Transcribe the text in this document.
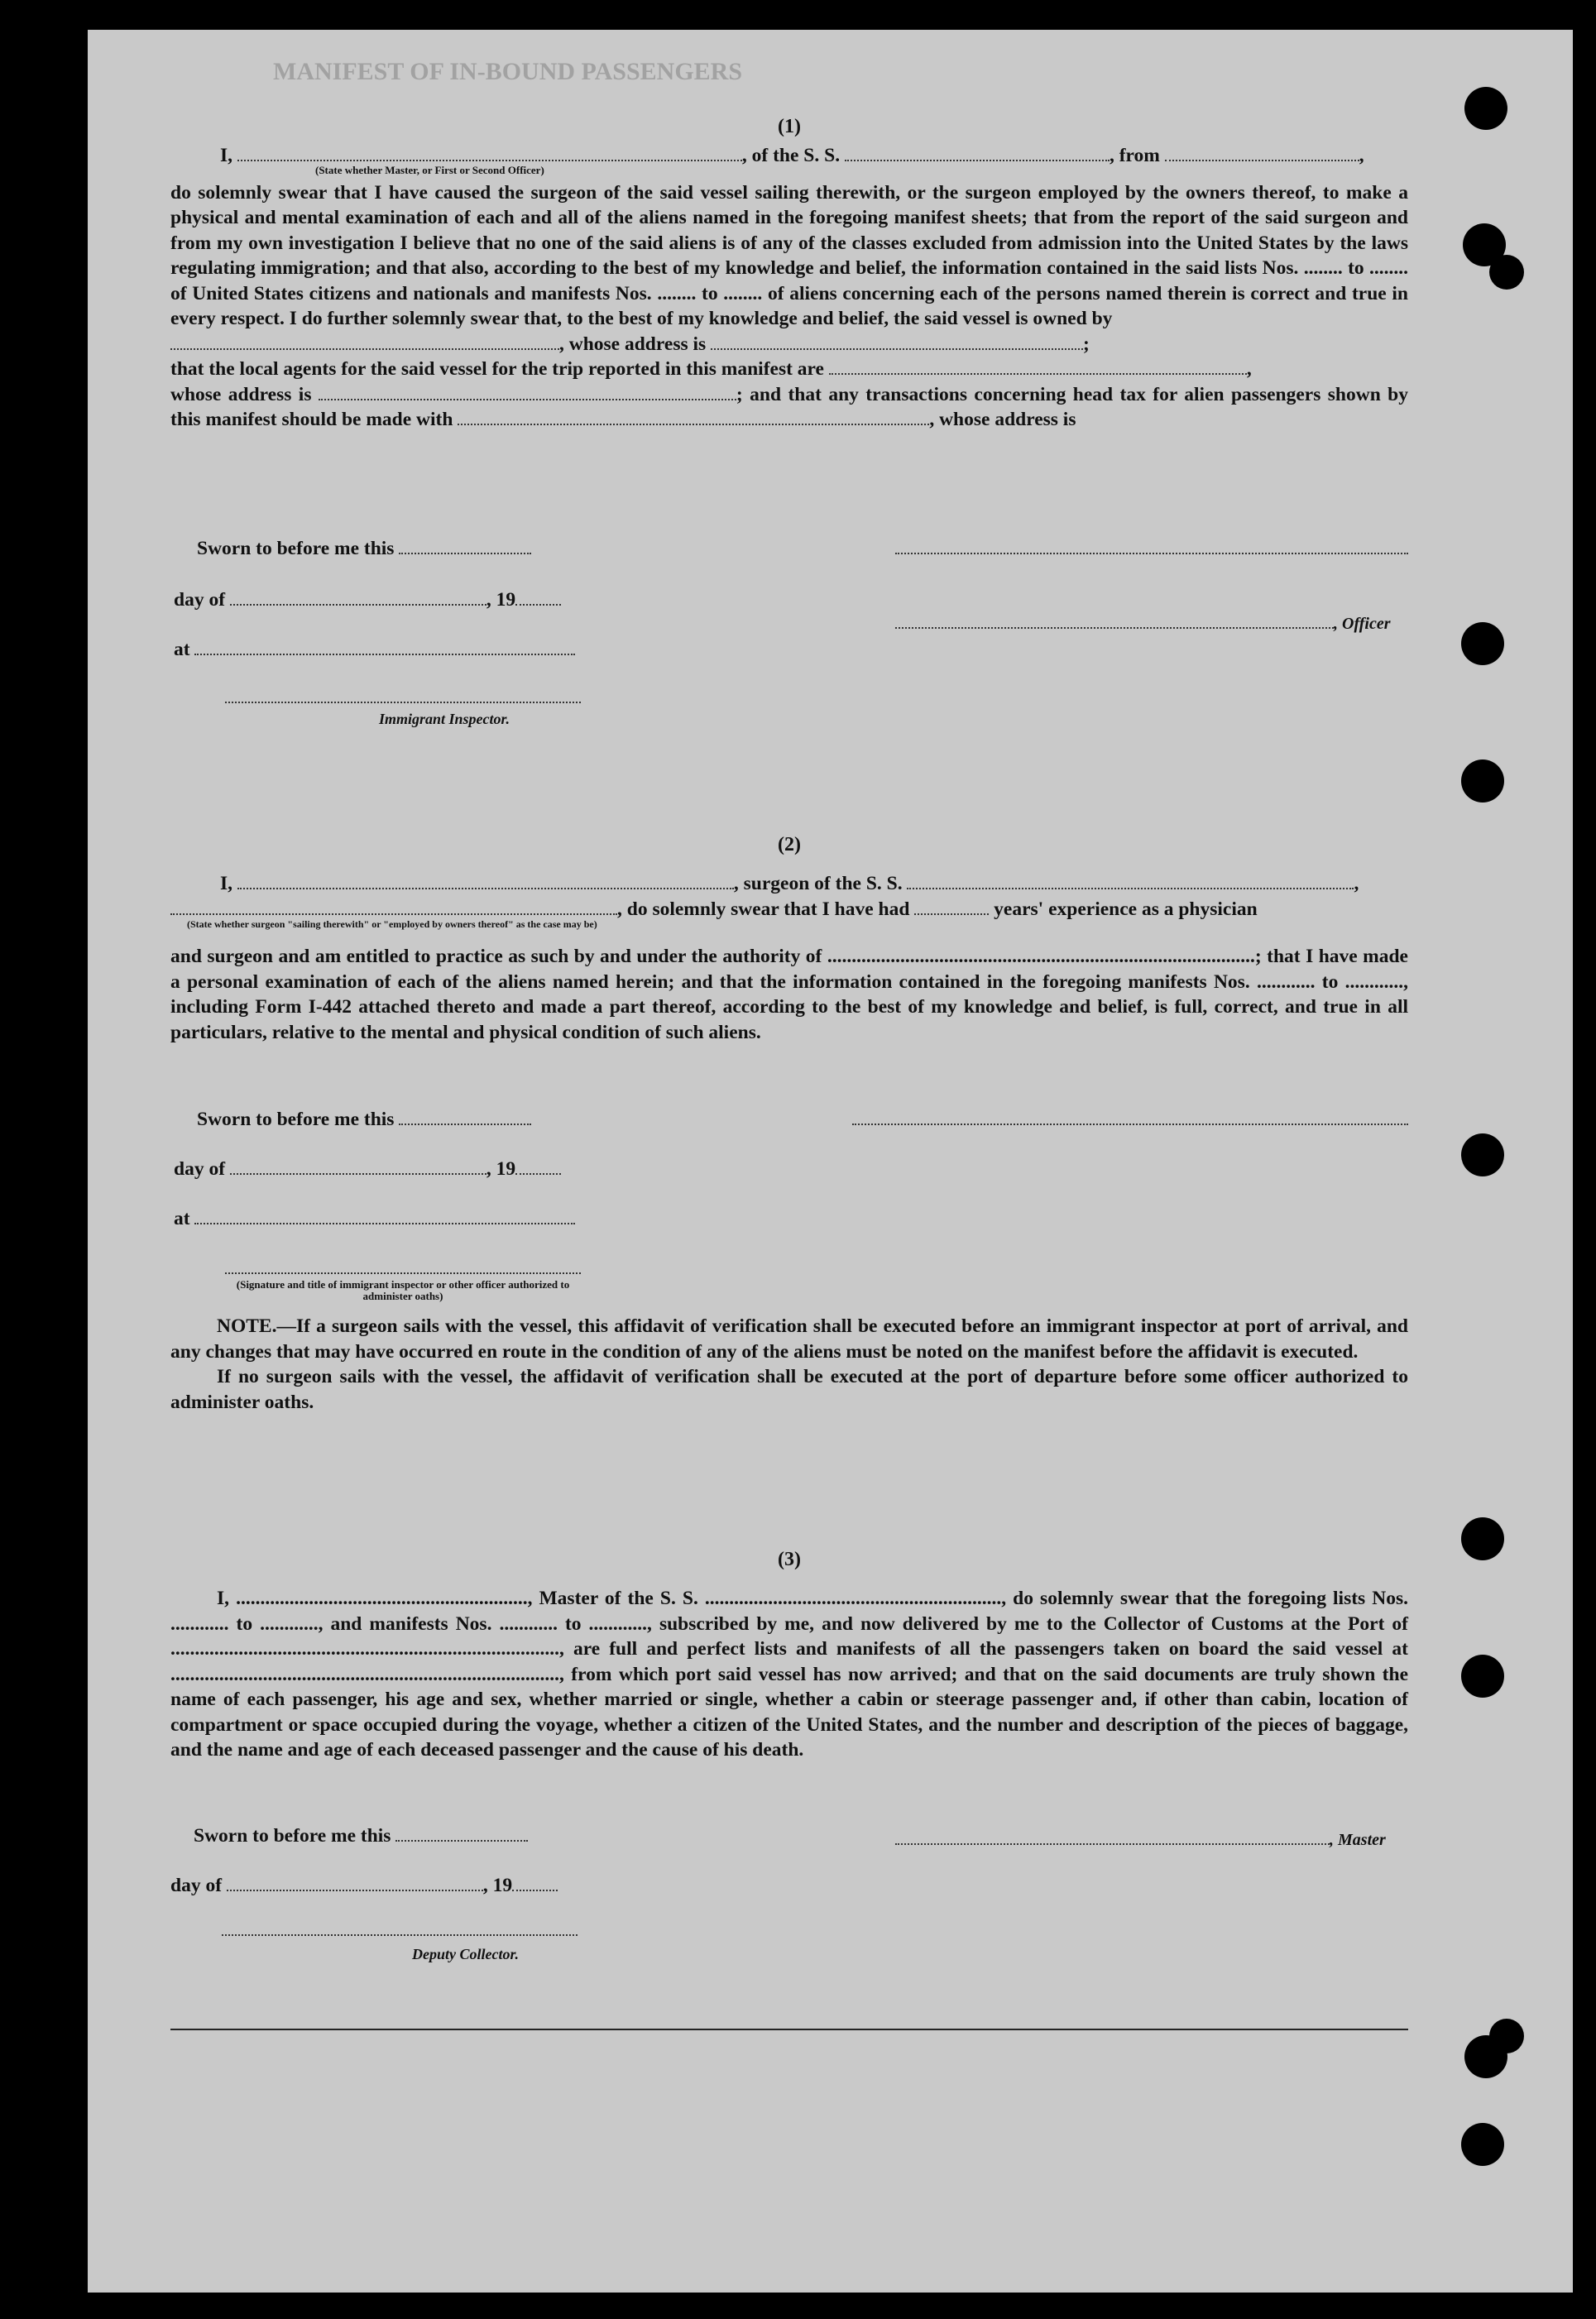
MANIFEST OF IN-BOUND PASSENGERS

(1)

I,	, of the S. S.	, from	,

(State whether Master, or First or Second Officer)

do solemnly swear that I have caused the surgeon of the said vessel sailing therewith, or the surgeon employed by the owners thereof, to make a physical and mental examination of each and all of the aliens named in the foregoing manifest sheets; that from the report of the said surgeon and from my own investigation I believe that no one of the said aliens is of any of the classes excluded from admission into the United States by the laws regulating immigration; and that also, according to the best of my knowledge and belief, the information contained in the said lists Nos. ........ to ........ of United States citizens and nationals and manifests Nos. ........ to ........ of aliens concerning each of the persons named therein is correct and true in every respect. I do further solemnly swear that, to the best of my knowledge and belief, the said vessel is owned by

, whose address is	;

that the local agents for the said vessel for the trip reported in this manifest are	,

whose address is	; and that any transactions concerning head tax for alien passengers shown by this manifest should be made with	, whose address is

Sworn to before me this
day of	, 19
, Officer
at
Immigrant Inspector.

(2)

I,	, surgeon of the S. S.	,

, do solemnly swear that I have had	years' experience as a physician

(State whether surgeon "sailing therewith" or "employed by owners thereof" as the case may be)

and surgeon and am entitled to practice as such by and under the authority of ........................................................................................; that I have made a personal examination of each of the aliens named herein; and that the information contained in the foregoing manifests Nos. ............ to ............, including Form I-442 attached thereto and made a part thereof, according to the best of my knowledge and belief, is full, correct, and true in all particulars, relative to the mental and physical condition of such aliens.

Sworn to before me this
day of	, 19
at
(Signature and title of immigrant inspector or other officer authorized to administer oaths)

NOTE.—If a surgeon sails with the vessel, this affidavit of verification shall be executed before an immigrant inspector at port of arrival, and any changes that may have occurred en route in the condition of any of the aliens must be noted on the manifest before the affidavit is executed.

If no surgeon sails with the vessel, the affidavit of verification shall be executed at the port of departure before some officer authorized to administer oaths.

(3)

I, ............................................................, Master of the S. S. ............................................................., do solemnly swear that the foregoing lists Nos. ............ to ............, and manifests Nos. ............ to ............, subscribed by me, and now delivered by me to the Collector of Customs at the Port of ................................................................................, are full and perfect lists and manifests of all the passengers taken on board the said vessel at ................................................................................, from which port said vessel has now arrived; and that on the said documents are truly shown the name of each passenger, his age and sex, whether married or single, whether a cabin or steerage passenger and, if other than cabin, location of compartment or space occupied during the voyage, whether a citizen of the United States, and the number and description of the pieces of baggage, and the name and age of each deceased passenger and the cause of his death.

Sworn to before me this	, Master
day of	, 19
Deputy Collector.
